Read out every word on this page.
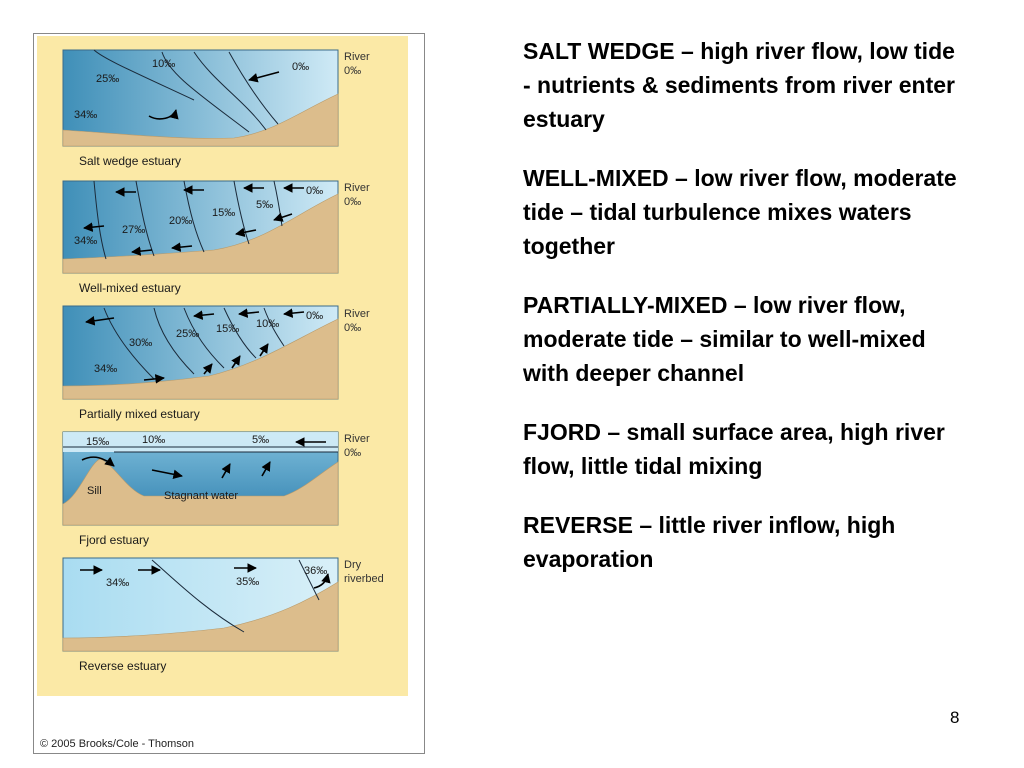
10‰	0‰
25‰
34‰
River
0‰
Salt wedge estuary
0‰
5‰
15‰
20‰
27‰
34‰
River
0‰
Well-mixed estuary
0‰
10‰
15‰
25‰
30‰
34‰
River
0‰
Partially mixed estuary
15‰	10‰	5‰
Sill	Stagnant water
River
0‰
Fjord estuary
34‰	35‰
36‰ Dry
riverbed
Reverse estuary
© 2005 Brooks/Cole - Thomson

SALT WEDGE – high river flow, low tide - nutrients & sediments from river enter estuary

WELL-MIXED – low river flow, moderate tide – tidal turbulence mixes waters together

PARTIALLY-MIXED – low river flow, moderate tide – similar to well-mixed with deeper channel

FJORD – small surface area, high river flow, little tidal mixing

REVERSE – little river inflow, high evaporation

8
